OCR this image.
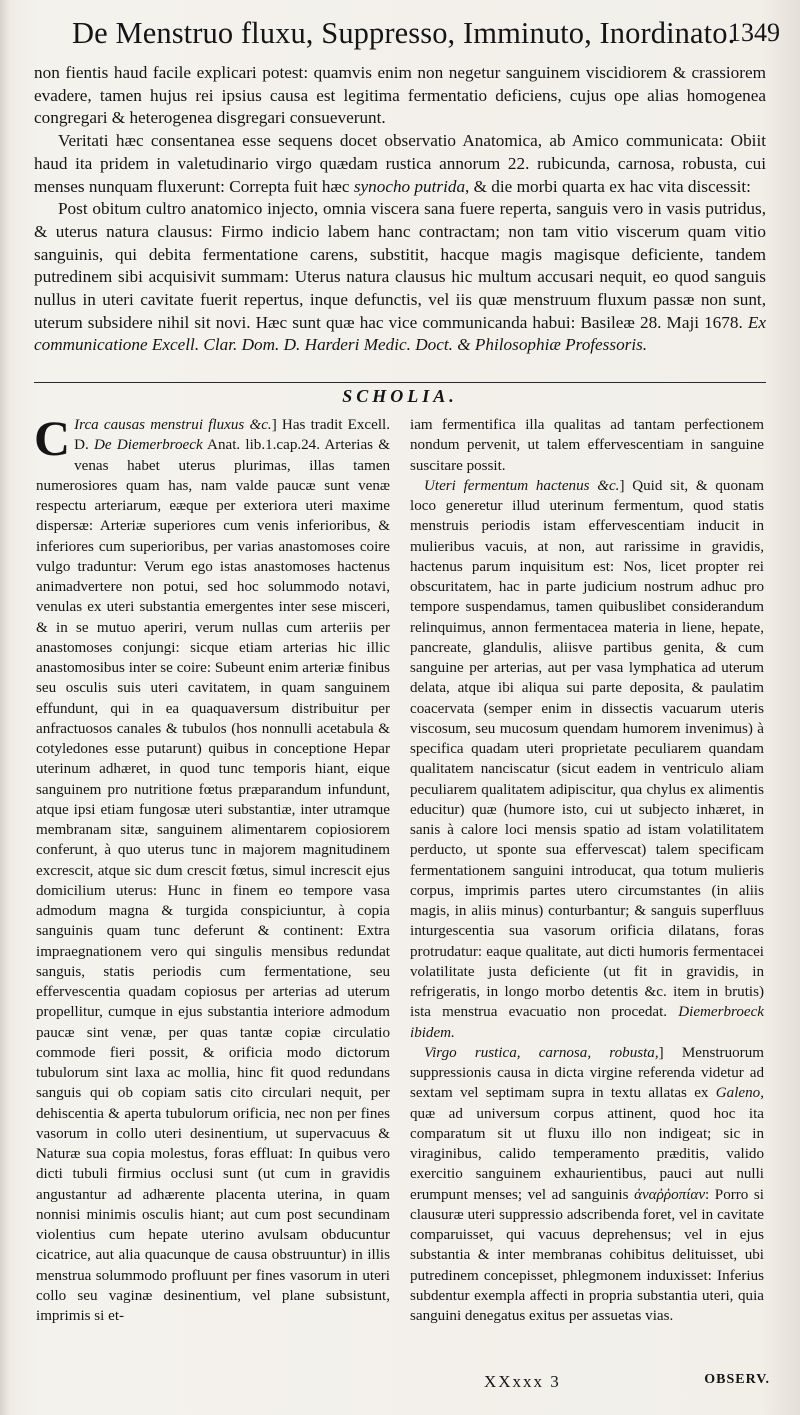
De Menstruo fluxu, Suppresso, Imminuto, Inordinato.
1349

non fientis haud facile explicari potest: quamvis enim non negetur sanguinem viscidiorem & crassiorem evadere, tamen hujus rei ipsius causa est legitima fermentatio deficiens, cujus ope alias homogenea congregari & heterogenea disgregari consueverunt.

Veritati hæc consentanea esse sequens docet observatio Anatomica, ab Amico communicata: Obiit haud ita pridem in valetudinario virgo quædam rustica annorum 22. rubicunda, carnosa, robusta, cui menses nunquam fluxerunt: Correpta fuit hæc synocho putrida, & die morbi quarta ex hac vita discessit:

Post obitum cultro anatomico injecto, omnia viscera sana fuere reperta, sanguis vero in vasis putridus, & uterus natura clausus: Firmo indicio labem hanc contractam; non tam vitio viscerum quam vitio sanguinis, qui debita fermentatione carens, substitit, hacque magis magisque deficiente, tandem putredinem sibi acquisivit summam: Uterus natura clausus hic multum accusari nequit, eo quod sanguis nullus in uteri cavitate fuerit repertus, inque defunctis, vel iis quæ menstruum fluxum passæ non sunt, uterum subsidere nihil sit novi. Hæc sunt quæ hac vice communicanda habui: Basileæ 28. Maji 1678. Ex communicatione Excell. Clar. Dom. D. Harderi Medic. Doct. & Philosophiæ Professoris.

SCHOLIA.

C Irca causas menstrui fluxus &c.] Has tradit Excell. D. De Diemerbroeck Anat. lib.1.cap.24. Arterias & venas habet uterus plurimas, illas tamen numerosiores quam has, nam valde paucæ sunt venæ respectu arteriarum, eæque per exteriora uteri maxime dispersæ: Arteriæ superiores cum venis inferioribus, & inferiores cum superioribus, per varias anastomoses coire vulgo traduntur: Verum ego istas anastomoses hactenus animadvertere non potui, sed hoc solummodo notavi, venulas ex uteri substantia emergentes inter sese misceri, & in se mutuo aperiri, verum nullas cum arteriis per anastomoses conjungi: sicque etiam arterias hic illic anastomosibus inter se coire: Subeunt enim arteriæ finibus seu osculis suis uteri cavitatem, in quam sanguinem effundunt, qui in ea quaquaversum distribuitur per anfractuosos canales & tubulos (hos nonnulli acetabula & cotyledones esse putarunt) quibus in conceptione Hepar uterinum adhæret, in quod tunc temporis hiant, eique sanguinem pro nutritione fœtus præparandum infundunt, atque ipsi etiam fungosæ uteri substantiæ, inter utramque membranam sitæ, sanguinem alimentarem copiosiorem conferunt, à quo uterus tunc in majorem magnitudinem excrescit, atque sic dum crescit fœtus, simul increscit ejus domicilium uterus: Hunc in finem eo tempore vasa admodum magna & turgida conspiciuntur, à copia sanguinis quam tunc deferunt & continent: Extra impraegnationem vero qui singulis mensibus redundat sanguis, statis periodis cum fermentatione, seu effervescentia quadam copiosus per arterias ad uterum propellitur, cumque in ejus substantia interiore admodum paucæ sint venæ, per quas tantæ copiæ circulatio commode fieri possit, & orificia modo dictorum tubulorum sint laxa ac mollia, hinc fit quod redundans sanguis qui ob copiam satis cito circulari nequit, per dehiscentia & aperta tubulorum orificia, nec non per fines vasorum in collo uteri desinentium, ut supervacuus & Naturæ sua copia molestus, foras effluat: In quibus vero dicti tubuli firmius occlusi sunt (ut cum in gravidis angustantur ad adhærente placenta uterina, in quam nonnisi minimis osculis hiant; aut cum post secundinam violentius cum hepate uterino avulsam obducuntur cicatrice, aut alia quacunque de causa obstruuntur) in illis menstrua solummodo profluunt per fines vasorum in uteri collo seu vaginæ desinentium, vel plane subsistunt, imprimis si et-

iam fermentifica illa qualitas ad tantam perfectionem nondum pervenit, ut talem effervescentiam in sanguine suscitare possit.

Uteri fermentum hactenus &c.] Quid sit, & quonam loco generetur illud uterinum fermentum, quod statis menstruis periodis istam effervescentiam inducit in mulieribus vacuis, at non, aut rarissime in gravidis, hactenus parum inquisitum est: Nos, licet propter rei obscuritatem, hac in parte judicium nostrum adhuc pro tempore suspendamus, tamen quibuslibet considerandum relinquimus, annon fermentacea materia in liene, hepate, pancreate, glandulis, aliisve partibus genita, & cum sanguine per arterias, aut per vasa lymphatica ad uterum delata, atque ibi aliqua sui parte deposita, & paulatim coacervata (semper enim in dissectis vacuarum uteris viscosum, seu mucosum quendam humorem invenimus) à specifica quadam uteri proprietate peculiarem quandam qualitatem nanciscatur (sicut eadem in ventriculo aliam peculiarem qualitatem adipiscitur, qua chylus ex alimentis educitur) quæ (humore isto, cui ut subjecto inhæret, in sanis à calore loci mensis spatio ad istam volatilitatem perducto, ut sponte sua effervescat) talem specificam fermentationem sanguini introducat, qua totum mulieris corpus, imprimis partes utero circumstantes (in aliis magis, in aliis minus) conturbantur; & sanguis superfluus inturgescentia sua vasorum orificia dilatans, foras protrudatur: eaque qualitate, aut dicti humoris fermentacei volatilitate justa deficiente (ut fit in gravidis, in refrigeratis, in longo morbo detentis &c. item in brutis) ista menstrua evacuatio non procedat. Diemerbroeck ibidem.

Virgo rustica, carnosa, robusta,] Menstruorum suppressionis causa in dicta virgine referenda videtur ad sextam vel septimam supra in textu allatas ex Galeno, quæ ad universum corpus attinent, quod hoc ita comparatum sit ut fluxu illo non indigeat; sic in viraginibus, calido temperamento præditis, valido exercitio sanguinem exhaurientibus, pauci aut nulli erumpunt menses; vel ad sanguinis ἀναῤῥοπίαν: Porro si clausuræ uteri suppressio adscribenda foret, vel in cavitate comparuisset, qui vacuus deprehensus; vel in ejus substantia & inter membranas cohibitus delituisset, ubi putredinem concepisset, phlegmonem induxisset: Inferius subdentur exempla affecti in propria substantia uteri, quia sanguini denegatus exitus per assuetas vias.

XXxxx 3	OBSERV.
